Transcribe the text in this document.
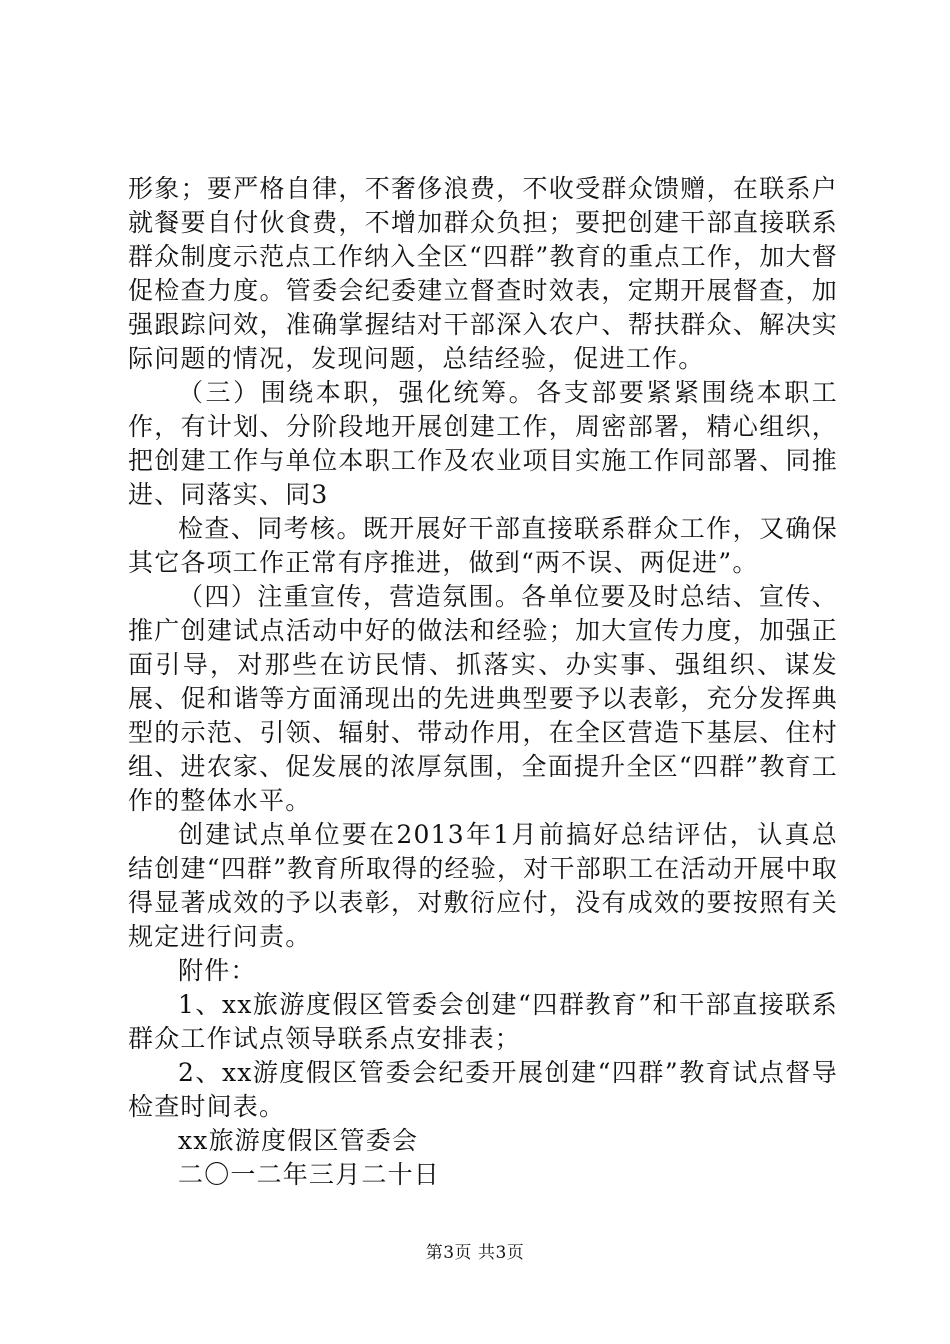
形象；要严格自律，不奢侈浪费，不收受群众馈赠，在联系户就餐要自付伙食费，不增加群众负担；要把创建干部直接联系群众制度示范点工作纳入全区“四群”教育的重点工作，加大督促检查力度。管委会纪委建立督查时效表，定期开展督查，加强跟踪问效，准确掌握结对干部深入农户、帮扶群众、解决实际问题的情况，发现问题，总结经验，促进工作。

（三）围绕本职，强化统筹。各支部要紧紧围绕本职工作，有计划、分阶段地开展创建工作，周密部署，精心组织，把创建工作与单位本职工作及农业项目实施工作同部署、同推进、同落实、同3

检查、同考核。既开展好干部直接联系群众工作，又确保其它各项工作正常有序推进，做到“两不误、两促进”。

（四）注重宣传，营造氛围。各单位要及时总结、宣传、推广创建试点活动中好的做法和经验；加大宣传力度，加强正面引导，对那些在访民情、抓落实、办实事、强组织、谋发展、促和谐等方面涌现出的先进典型要予以表彰，充分发挥典型的示范、引领、辐射、带动作用，在全区营造下基层、住村组、进农家、促发展的浓厚氛围，全面提升全区“四群”教育工作的整体水平。

创建试点单位要在2013年1月前搞好总结评估，认真总结创建“四群”教育所取得的经验，对干部职工在活动开展中取得显著成效的予以表彰，对敷衍应付，没有成效的要按照有关规定进行问责。

附件：

1、xx旅游度假区管委会创建“四群教育”和干部直接联系群众工作试点领导联系点安排表；

2、xx游度假区管委会纪委开展创建“四群”教育试点督导检查时间表。

xx旅游度假区管委会

二〇一二年三月二十日

第3页 共3页
